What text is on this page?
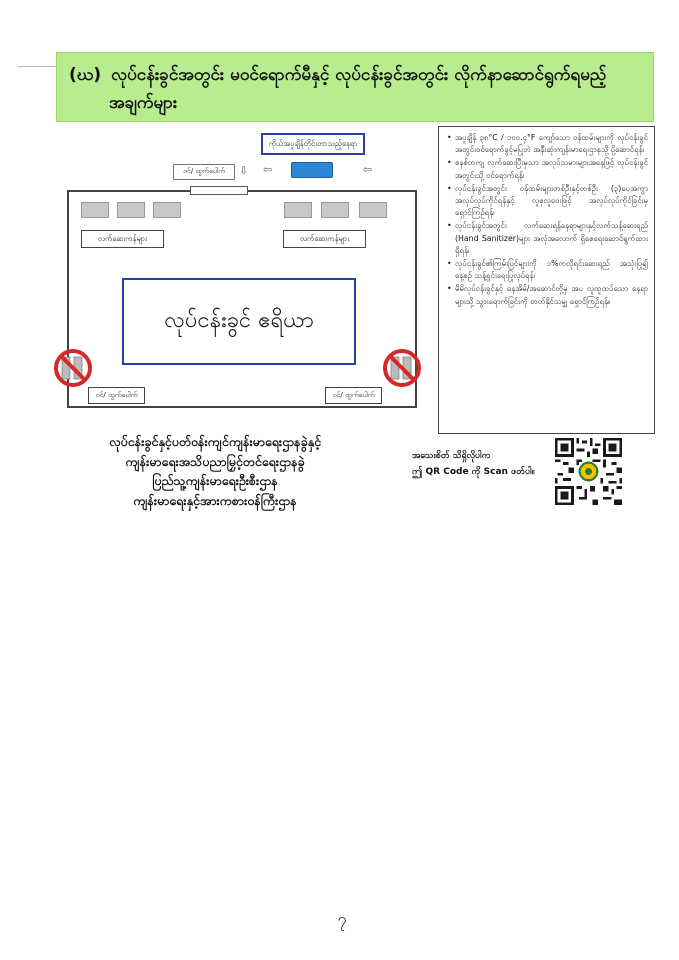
(ဃ) လုပ်ငန်းခွင်အတွင်း မဝင်ရောက်မီနှင့် လုပ်ငန်းခွင်အတွင်း လိုက်နာဆောင်ရွက်ရမည့်
အချက်များ
ကိုယ်အပူချိန်တိုင်းတာသည့်နေရာ
ဝင်/ ထွက်ပေါက်	⇦
⇦
⇩
လက်ဆေးကန်များ	လက်ဆေးကန်များ
လုပ်ငန်းခွင် ဧရိယာ
ဝင်/ ထွက်ပေါက်	ဝင်/ ထွက်ပေါက်
လုပ်ငန်းခွင်နှင့်ပတ်ဝန်းကျင်ကျန်းမာရေးဌာနခွဲနှင့်
ကျန်းမာရေးအသိပညာမြှင့်တင်ရေးဌာနခွဲ
ပြည်သူ့ကျန်းမာရေးဦးစီးဌာန
ကျန်းမာရေးနှင့်အားကစားဝန်ကြီးဌာန
• အပူချိန် ၃၈°C / ၁၀၀.၄°F ကျော်သော ဝန်ထမ်းများကို လုပ်ငန်းခွင်အတွင်းဝင်ရောက်ခွင့်မပြုဘဲ အနီးဆုံးကျန်းမာရေးဌာနသို့ ပို့ဆောင်ရန်၊
• စနစ်တကျ လက်ဆေးပြီးမှသာ အလုပ်သမားများအနေဖြင့် လုပ်ငန်းခွင်အတွင်းသို့ ဝင်ရောက်ရန်၊
• လုပ်ငန်းခွင်အတွင်း ဝန်ထမ်းများတစ်ဦးနှင့်တစ်ဦး (၃)ပေအကွာ အလုပ်လုပ်ကိုင်ရန်နှင့် လူစုလူဝေးဖြင့် အလုပ်လုပ်ကိုင်ခြင်းမှ ရှောင်ကြဉ်ရန်၊
• လုပ်ငန်းခွင်အတွင်း လက်ဆေးရန်နေရာများနှင့်လက်သန့်ဆေးရည် (Hand Sanitizer)များ အလုံအလောက် ရှိစေရေးဆောင်ရွက်ထားရှိရန်၊
• လုပ်ငန်းခွင်၏ကြမ်းပြင်များကို ၁%ကလိုရင်းဆေးရည် အသုံးပြု၍ နေ့စဉ် သန့်ရှင်းရေးပြုလုပ်ရန်၊
• မိမိလုပ်ငန်းခွင်နှင့် နေအိမ်/အဆောင်တို့မှ အပ လူထူထပ်သော နေရာများသို့ သွားရောက်ခြင်းကို တတ်နိုင်သမျှ ရှောင်ကြဉ်ရန်။
အသေးစိတ် သိရှိလိုပါက
ဤ QR Code ကို Scan ဖတ်ပါ။
၇
